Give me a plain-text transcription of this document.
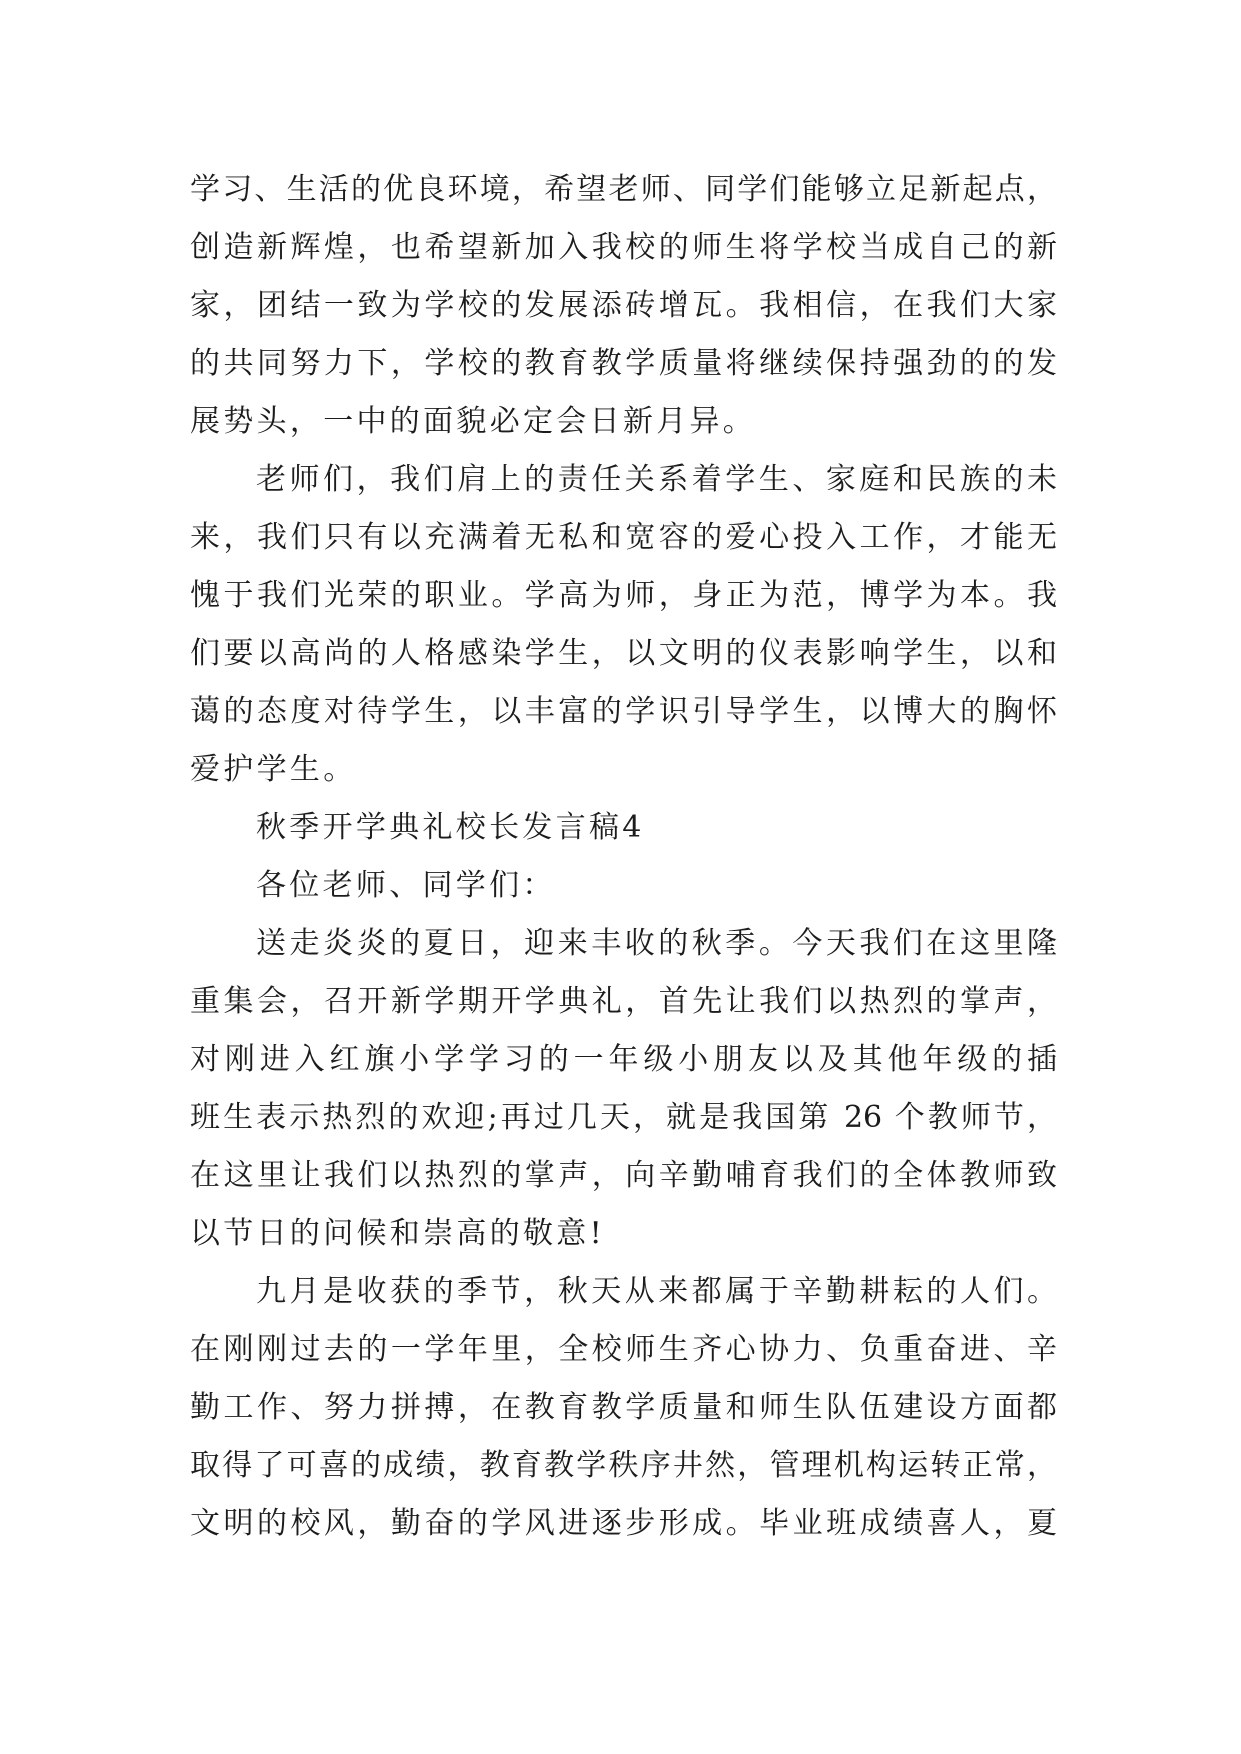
学习、生活的优良环境，希望老师、同学们能够立足新起点，
创造新辉煌，也希望新加入我校的师生将学校当成自己的新
家，团结一致为学校的发展添砖增瓦。我相信，在我们大家
的共同努力下，学校的教育教学质量将继续保持强劲的的发
展势头，一中的面貌必定会日新月异。
老师们，我们肩上的责任关系着学生、家庭和民族的未
来，我们只有以充满着无私和宽容的爱心投入工作，才能无
愧于我们光荣的职业。学高为师，身正为范，博学为本。我
们要以高尚的人格感染学生，以文明的仪表影响学生，以和
蔼的态度对待学生，以丰富的学识引导学生，以博大的胸怀
爱护学生。
秋季开学典礼校长发言稿4
各位老师、同学们：
送走炎炎的夏日，迎来丰收的秋季。今天我们在这里隆
重集会，召开新学期开学典礼，首先让我们以热烈的掌声，
对刚进入红旗小学学习的一年级小朋友以及其他年级的插
班生表示热烈的欢迎;再过几天，就是我国第 26 个教师节，
在这里让我们以热烈的掌声，向辛勤哺育我们的全体教师致
以节日的问候和崇高的敬意!
九月是收获的季节，秋天从来都属于辛勤耕耘的人们。
在刚刚过去的一学年里，全校师生齐心协力、负重奋进、辛
勤工作、努力拼搏，在教育教学质量和师生队伍建设方面都
取得了可喜的成绩，教育教学秩序井然，管理机构运转正常，
文明的校风，勤奋的学风进逐步形成。毕业班成绩喜人，夏
